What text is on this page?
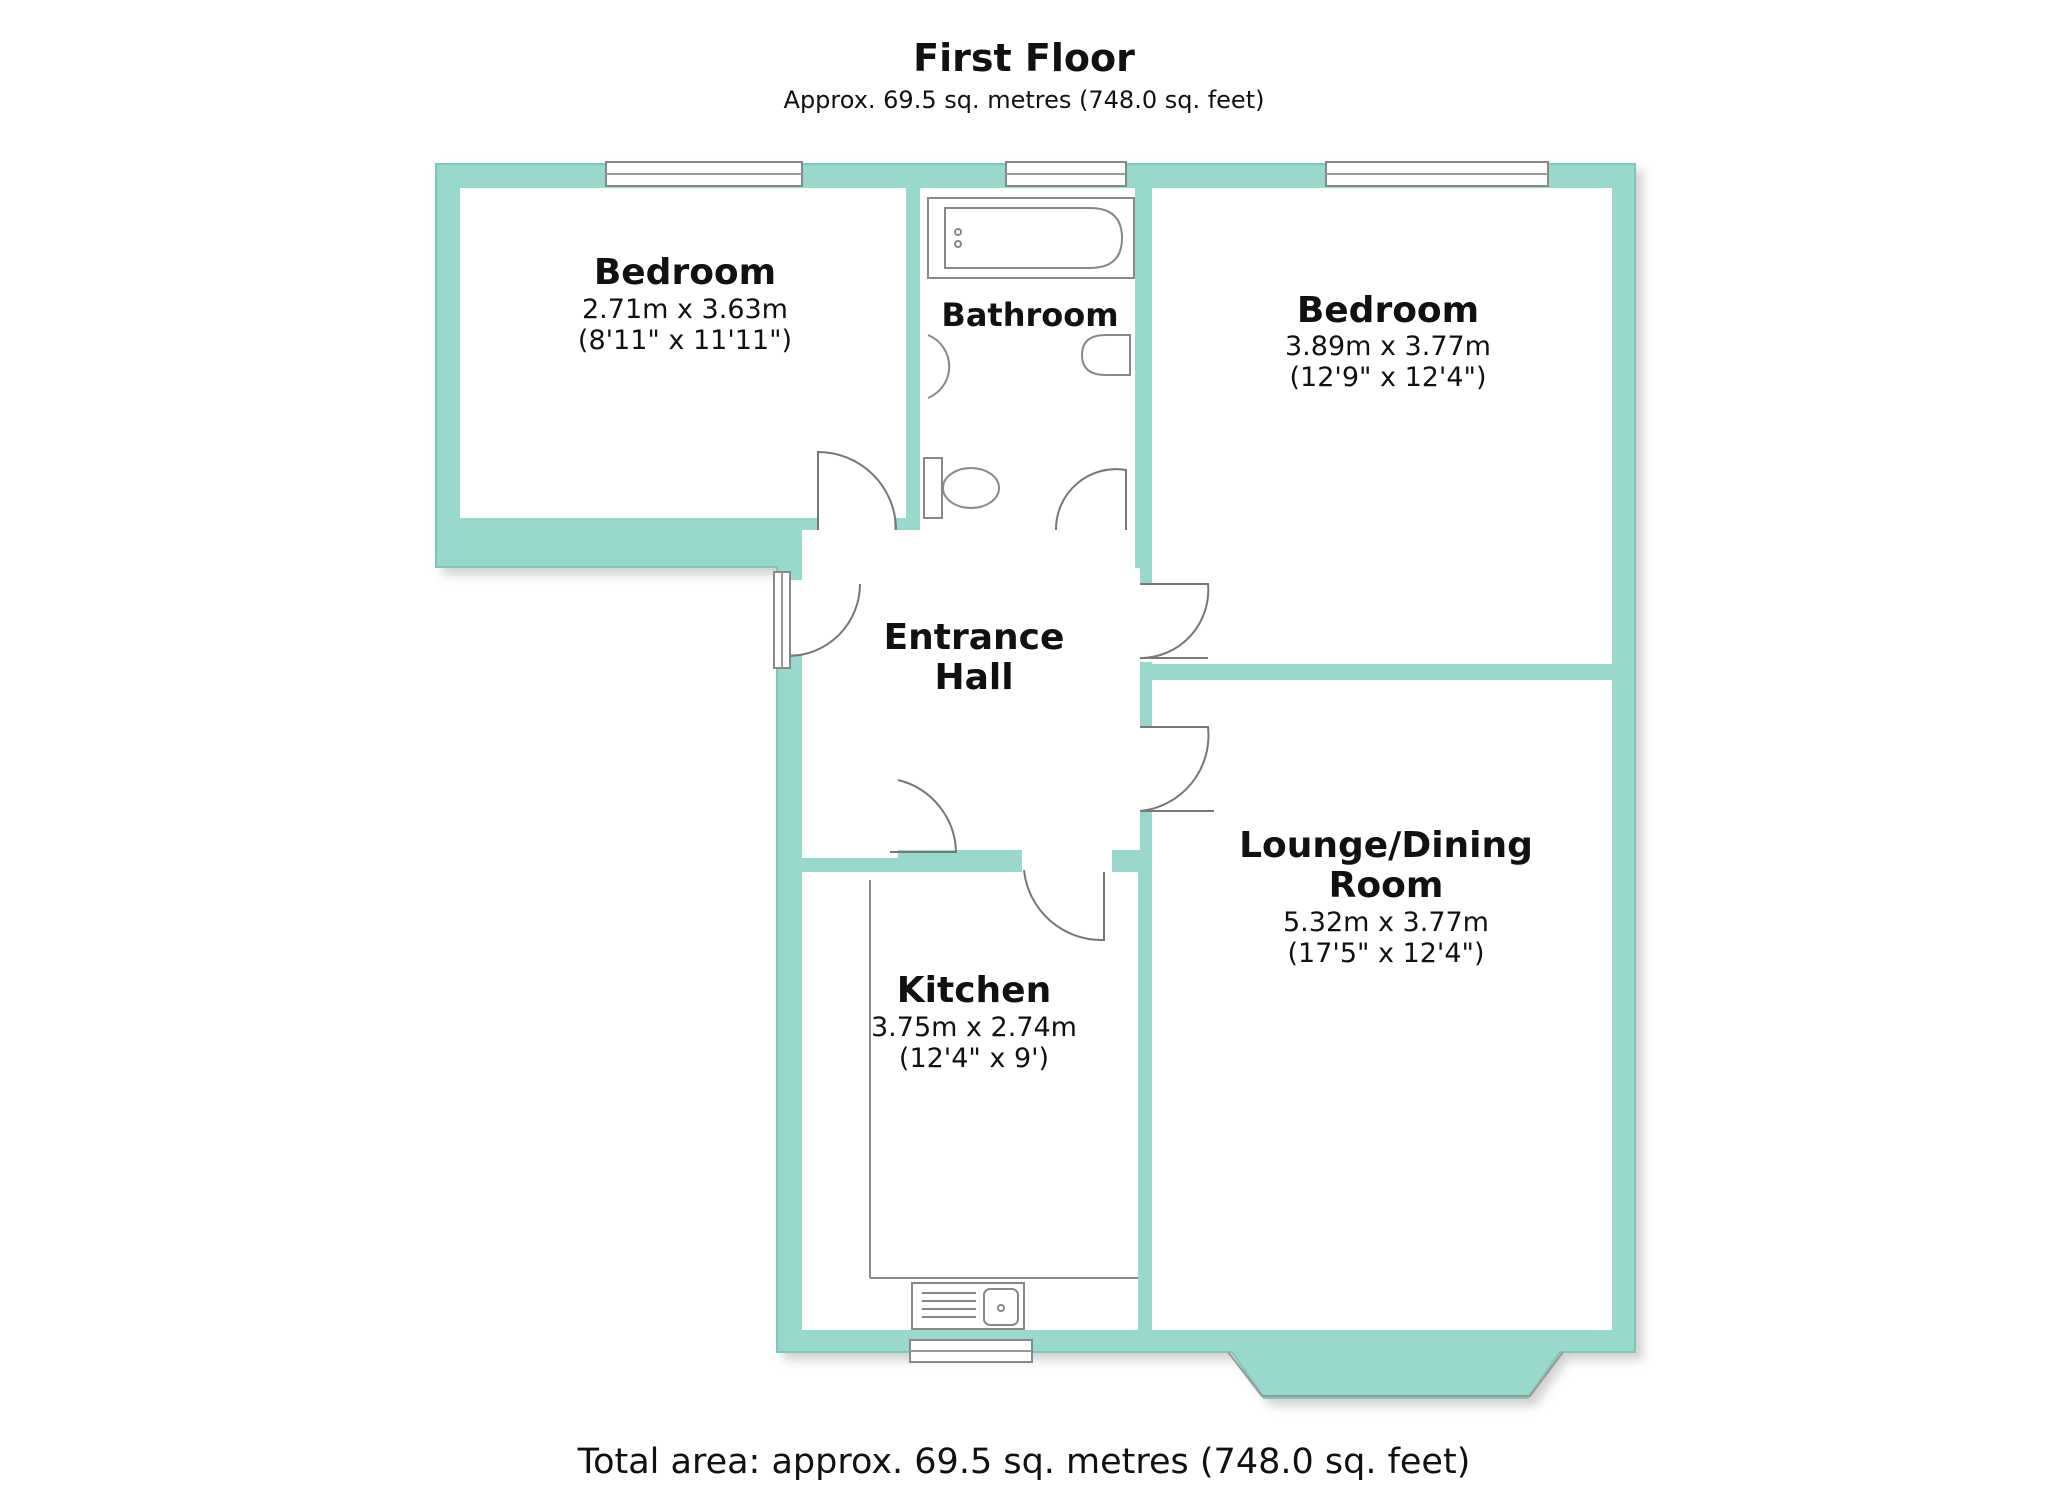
First Floor
Approx. 69.5 sq. metres (748.0 sq. feet)
Bedroom
2.71m x 3.63m
(8'11" x 11'11")
Bathroom	Bedroom
3.89m x 3.77m
(12'9" x 12'4")
Entrance
Hall
Lounge/Dining
Room
5.32m x 3.77m
(17'5" x 12'4")
Kitchen
3.75m x 2.74m
(12'4" x 9')
Total area: approx. 69.5 sq. metres (748.0 sq. feet)
